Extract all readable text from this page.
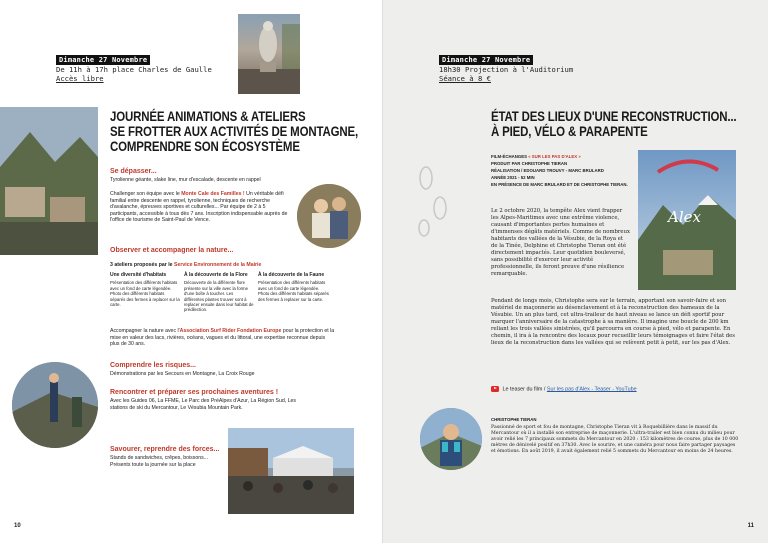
Dimanche 27 Novembre
De 11h à 17h place Charles de Gaulle
Accès libre
JOURNÉE ANIMATIONS & ATELIERS
SE FROTTER AUX ACTIVITÉS DE MONTAGNE,
COMPRENDRE SON ÉCOSYSTÈME
Se dépasser...
Tyrolienne géante, slake line, mur d'escalade, descente en rappel
Challenger son équipe avec le Monte Cale des Familles ! Un véritable défi familial entre descente en rappel, tyrolienne, techniques de recherche d'avalanche, épreuves sportives et culturelles... Par équipe de 2 à 5 participants, accessible à tous dès 7 ans. Inscription indispensable auprès de l'office de tourisme de Saint-Paul de Vence.
Observer et accompagner la nature...
3 ateliers proposés par le Service Environnement de la Mairie
Une diversité d'habitats
Présentation des différents habitats avec un fond de carte légendée. Photo des différents habitats séparés des fermes à replacer sur la carte.
À la découverte de la Flore
Découverte de la différente flore présente sur la ville avec la forme d'une boîte à toucher. Les différentes plantes trouver sont à replacer ensuite dans leur habitat de prédilection.
À la découverte de la Faune
Présentation des différents habitats avec un fond de carte légendée. Photo des différents habitats séparés des fermes à replacer sur la carte.
Accompagner la nature avec l'Association Surf Rider Fondation Europe pour la protection et la mise en valeur des lacs, rivières, océans, vagues et du littoral, une expertise reconnue depuis plus de 30 ans.
Comprendre les risques...
Démonstrations par les Secours en Montagne, La Croix Rouge
Rencontrer et préparer ses prochaines aventures !
Avec les Guides 06, La FFME, Le Parc des PréAlpes d'Azur, La Région Sud, Les stations de ski du Mercantour, Le Vésubia Mountain Park.
Savourer, reprendre des forces...
Stands de sandwiches, crêpes, boissons... Présents toute la journée sur la place
10
Dimanche 27 Novembre
18h30 Projection à l'Auditorium
Séance à 8 €
ÉTAT DES LIEUX D'UNE RECONSTRUCTION...
À PIED, VÉLO & PARAPENTE
FILM-ÉCHANGES « SUR LES PAS D'ALEX »
PRODUIT PAR CHRISTOPHE TIERAN
RÉALISATION / EDOUARD TROUVY - MARC BRULARD
ANNÉE 2021 - 52 MIN
EN PRÉSENCE DE MARC BRULARD ET DE CHRISTOPHE TIERAN.
Alex
Le 2 octobre 2020, la tempête Alex vient frapper les Alpes-Maritimes avec une extrême violence, causant d'importantes pertes humaines et d'immenses dégâts matériels. Comme de nombreux habitants des vallées de la Vésubie, de la Roya et de la Tinée, Delphine et Christophe Tieran ont été directement impactés. Leur quotidien bouleversé, sans possibilité d'exercer leur activité professionnelle, ils feront preuve d'une résilience remarquable.
Pendant de longs mois, Christophe sera sur le terrain, apportant son savoir-faire et son matériel de maçonnerie au désenclavement et à la reconstruction des hameaux de la Vésubie. Un an plus tard, cet ultra-traileur de haut niveau se lance un défi sportif pour marquer l'anniversaire de la catastrophe à sa manière. Il imagine une boucle de 200 km reliant les trois vallées sinistrées, qu'il parcourra en course à pied, vélo et parapente. En chemin, il ira à la rencontre des locaux pour recueillir leurs témoignages et faire l'état des lieux de la reconstruction dans les vallées qui se relèvent petit à petit, sur les pas d'Alex.
Le teaser du film / Sur les pas d'Alex - Teaser - YouTube
CHRISTOPHE TIERAN
Passionné de sport et fou de montagne, Christophe Tieran vit à Roquebillière dans le massif du Mercantour où il a installé son entreprise de maçonnerie. L'ultra-trailer est bien connu du milieu pour avoir relié les 7 principaux sommets du Mercantour en 2020 : 153 kilomètres de course, plus de 10 000 mètres de dénivelé positif en 37h30. Avec le sourire, et une caméra pour nous faire partager paysages et émotions. En août 2019, il avait également relié 5 sommets du Mercantour en moins de 24 heures.
11
